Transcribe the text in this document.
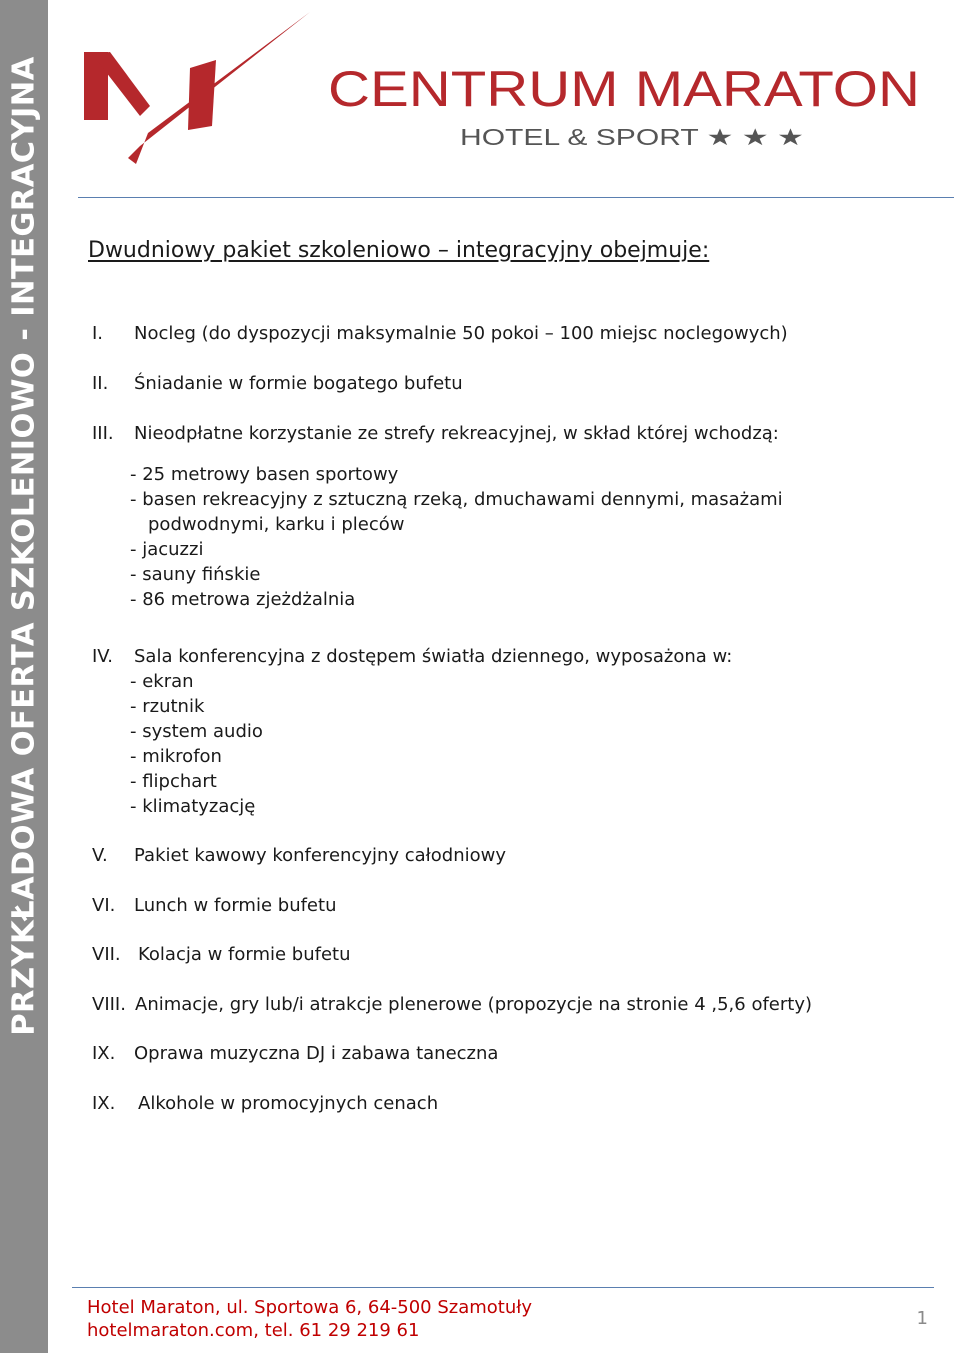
PRZYKŁADOWA OFERTA SZKOLENIOWO - INTEGRACYJNA	CENTRUM MARATON
HOTEL & SPORT ★ ★ ★
Dwudniowy pakiet szkoleniowo – integracyjny obejmuje:
I. Nocleg (do dyspozycji maksymalnie 50 pokoi – 100 miejsc noclegowych)
II. Śniadanie w formie bogatego bufetu
III. Nieodpłatne korzystanie ze strefy rekreacyjnej, w skład której wchodzą:
- 25 metrowy basen sportowy
- basen rekreacyjny z sztuczną rzeką, dmuchawami dennymi, masażami
podwodnymi, karku i pleców
- jacuzzi
- sauny fińskie
- 86 metrowa zjeżdżalnia
IV. Sala konferencyjna z dostępem światła dziennego, wyposażona w:
- ekran
- rzutnik
- system audio
- mikrofon
- flipchart
- klimatyzację
V. Pakiet kawowy konferencyjny całodniowy
VI. Lunch w formie bufetu
VII. Kolacja w formie bufetu
VIII. Animacje, gry lub/i atrakcje plenerowe (propozycje na stronie 4 ,5,6 oferty)
IX. Oprawa muzyczna DJ i zabawa taneczna
IX. Alkohole w promocyjnych cenach
Hotel Maraton, ul. Sportowa 6, 64-500 Szamotuły
hotelmaraton.com, tel. 61 29 219 61
1
